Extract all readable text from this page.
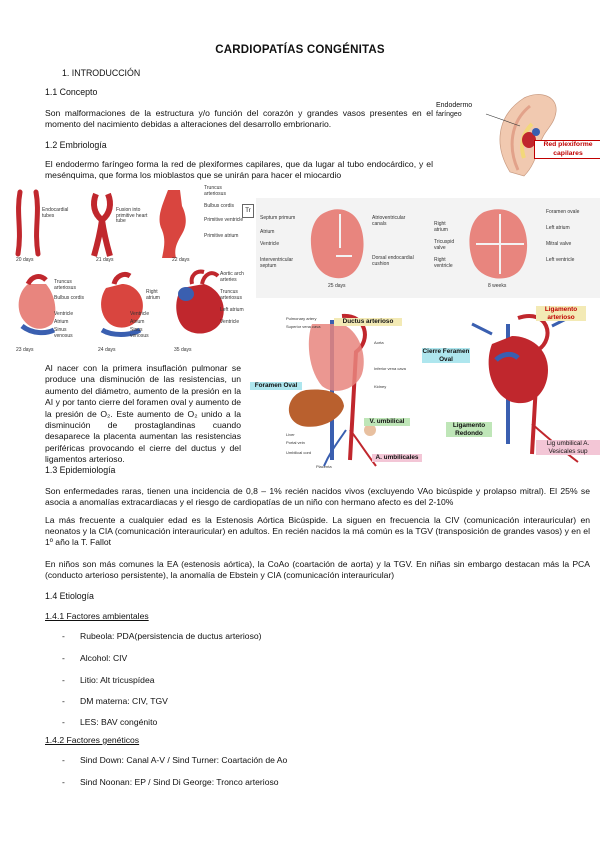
CARDIOPATÍAS CONGÉNITAS
1. INTRODUCCIÓN
1.1 Concepto
Son malformaciones de la estructura y/o función del corazón y grandes vasos presentes en el momento del nacimiento debidas a alteraciones del desarrollo embrionario.
Endodermo faríngeo
Red plexiforme capilares
1.2 Embriología
El endodermo faríngeo forma la red de plexiformes capilares, que da lugar al tubo endocárdico, y el mesénquima, que forma los mioblastos que se unirán para hacer el miocardio
Endocardial tubes
Fusion into primitive heart tube
Truncus arteriosus
Bulbus cordis
Primitive ventricle
Primitive atrium
Tr
20 days	21 days	22 days
Truncus arteriosus
Bulbus cordis
Ventricle
Atrium
Sinus venosus
Right atrium
Ventricle
Atrium
Sinus venosus
Aortic arch arteries
Truncus arteriosus
Left atrium
Ventricle
23 days	24 days	35 days
Septum primum
Atrium
Ventricle
Interventricular septum
Atrioventricular canals
Dorsal endocardial cushion
25 days
Right atrium
Tricuspid valve
Right ventricle
Foramen ovale
Left atrium
Mitral valve
Left ventricle
8 weeks
Al nacer con la primera insuflación pulmonar se produce una disminución de las resistencias, un aumento del diámetro, aumento de la presión en la AI y por tanto cierre del foramen oval y aumento de la presión de O₂. Este aumento de O₂ unido a la disminución de prostaglandinas cuando desaparece la placenta aumentan las resistencias periféricas provocando el cierre del ductus y del ligamentos arterioso.
Ductus arterioso
Foramen Oval
V. umbilical
A. umbilicales
Pulmonary artery
Superior vena cava
Aorta
Inferior vena cava
Liver
Kidney
Portal vein
Umbilical cord
Placenta
Ligamento arterioso
Cierre Feramen Oval
Ligamento Redondo
Lig umbilical A. Vesicales sup
1.3 Epidemiología
Son enfermedades raras, tienen una incidencia de 0,8 – 1% recién nacidos vivos (excluyendo VAo bicúspide y prolapso mitral). El 25% se asocia a anomalías extracardiacas y el riesgo de cardiopatías de un niño con hermano afecto es del 2-10%
La más frecuente a cualquier edad es la Estenosis Aórtica Bicúspide. La siguen en frecuencia la CIV (comunicación interauricular) en neonatos y la CIA (comunicación interauricular) en adultos. En recién nacidos la má común es la TGV (transposición de grandes vasos) y en el 1º año la T. Fallot
En niños son más comunes la EA (estenosis aórtica), la CoAo (coartación de aorta) y la TGV. En niñas sin embargo destacan más la PCA (conducto arterioso persistente), la anomalía de Ebstein y CIA (comunicacíón interauricular)
1.4 Etiología
1.4.1 Factores ambientales
- Rubeola: PDA(persistencia de ductus arterioso)
- Alcohol: CIV
- Litio: Alt tricuspídea
- DM materna: CIV, TGV
- LES: BAV congénito
1.4.2 Factores genéticos
- Sind Down: Canal A-V / Sind Turner: Coartación de Ao
- Sind Noonan: EP / Sind Di George: Tronco arterioso
